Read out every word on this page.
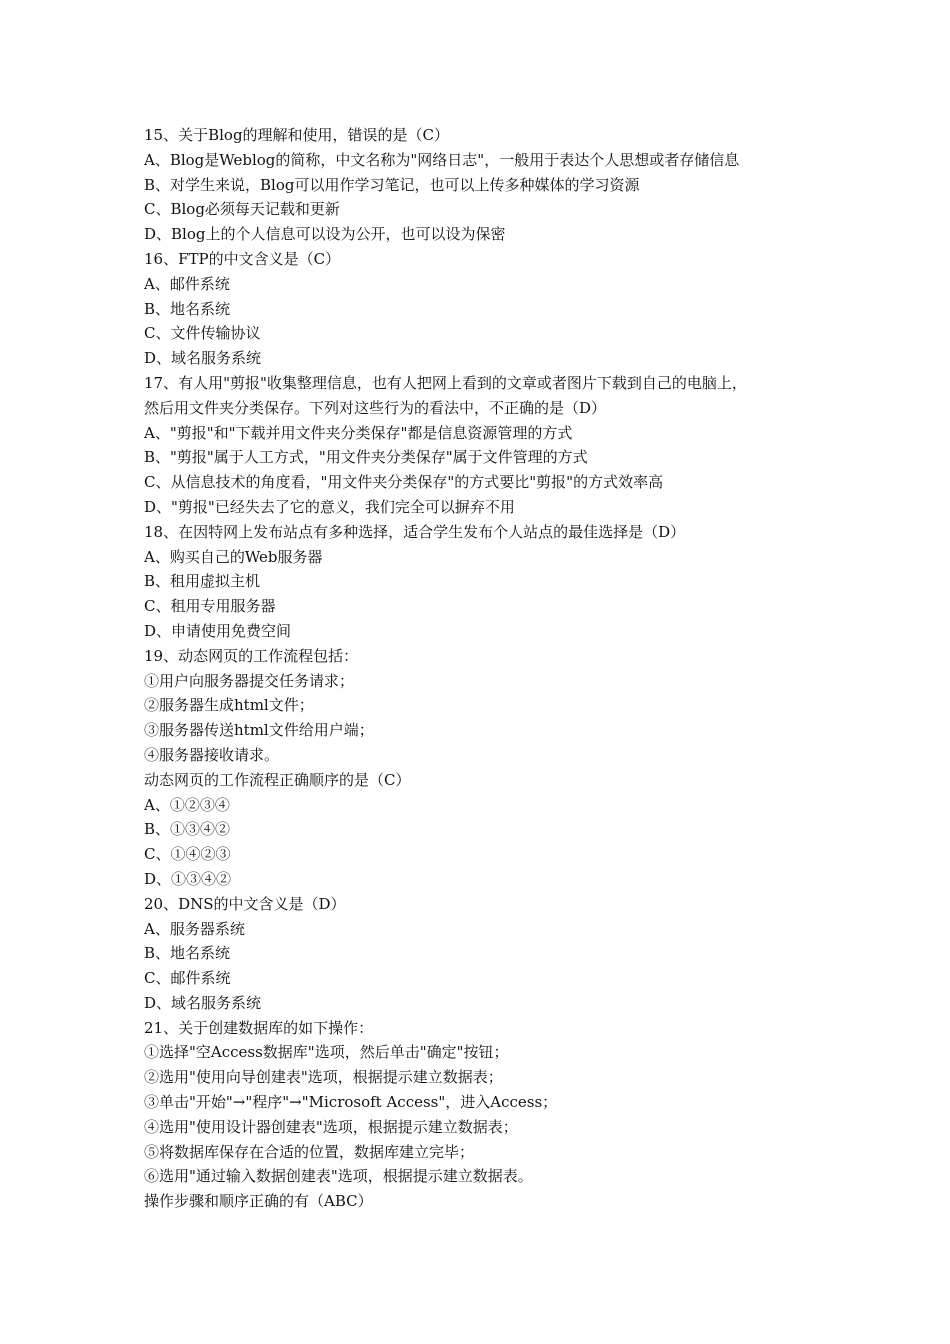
15、关于Blog的理解和使用，错误的是（C）
A、Blog是Weblog的简称，中文名称为"网络日志"，一般用于表达个人思想或者存储信息
B、对学生来说，Blog可以用作学习笔记，也可以上传多种媒体的学习资源
C、Blog必须每天记载和更新
D、Blog上的个人信息可以设为公开，也可以设为保密
16、FTP的中文含义是（C）
A、邮件系统
B、地名系统
C、文件传输协议
D、域名服务系统
17、有人用"剪报"收集整理信息，也有人把网上看到的文章或者图片下载到自己的电脑上，
然后用文件夹分类保存。下列对这些行为的看法中，不正确的是（D）
A、"剪报"和"下载并用文件夹分类保存"都是信息资源管理的方式
B、"剪报"属于人工方式，"用文件夹分类保存"属于文件管理的方式
C、从信息技术的角度看，"用文件夹分类保存"的方式要比"剪报"的方式效率高
D、"剪报"已经失去了它的意义，我们完全可以摒弃不用
18、在因特网上发布站点有多种选择，适合学生发布个人站点的最佳选择是（D）
A、购买自己的Web服务器
B、租用虚拟主机
C、租用专用服务器
D、申请使用免费空间
19、动态网页的工作流程包括：
①用户向服务器提交任务请求；
②服务器生成html文件；
③服务器传送html文件给用户端；
④服务器接收请求。
动态网页的工作流程正确顺序的是（C）
A、①②③④
B、①③④②
C、①④②③
D、①③④②
20、DNS的中文含义是（D）
A、服务器系统
B、地名系统
C、邮件系统
D、域名服务系统
21、关于创建数据库的如下操作：
①选择"空Access数据库"选项，然后单击"确定"按钮；
②选用"使用向导创建表"选项，根据提示建立数据表；
③单击"开始"→"程序"→"Microsoft Access"，进入Access；
④选用"使用设计器创建表"选项，根据提示建立数据表；
⑤将数据库保存在合适的位置，数据库建立完毕；
⑥选用"通过输入数据创建表"选项，根据提示建立数据表。
操作步骤和顺序正确的有（ABC）
